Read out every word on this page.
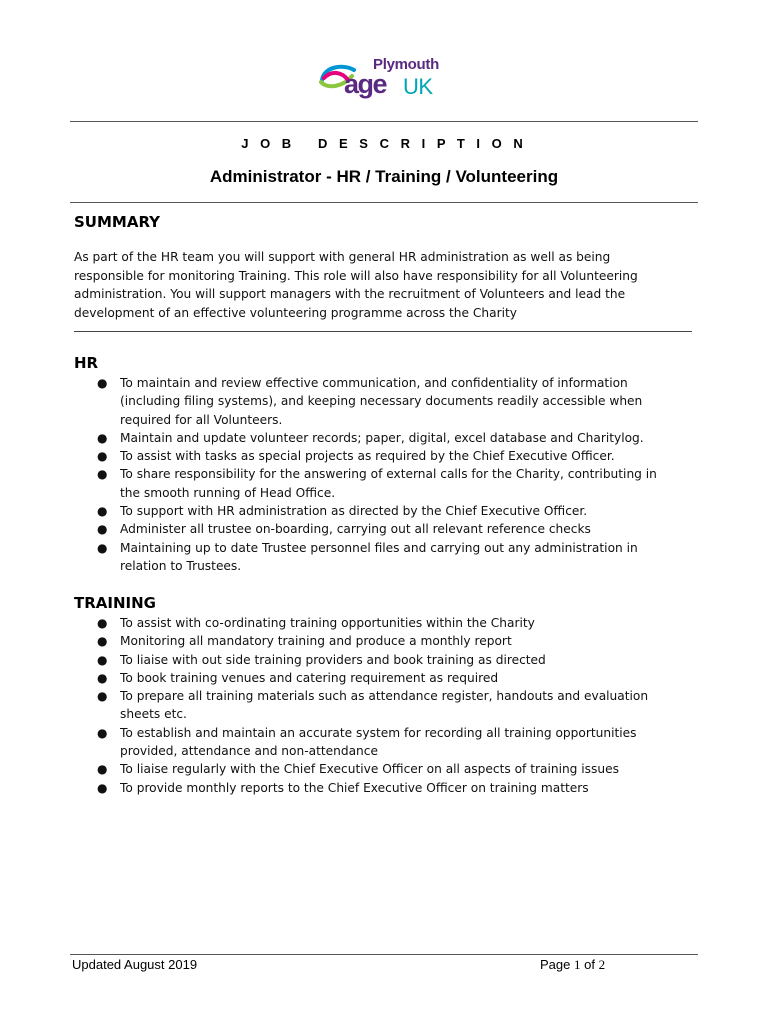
Plymouth
age UK
J O B   D E S C R I P T I O N
Administrator - HR / Training / Volunteering
SUMMARY
As part of the HR team you will support with general HR administration as well as being
responsible for monitoring Training. This role will also have responsibility for all Volunteering
administration. You will support managers with the recruitment of Volunteers and lead the
development of an effective volunteering programme across the Charity
HR
● To maintain and review effective communication, and confidentiality of information
(including filing systems), and keeping necessary documents readily accessible when
required for all Volunteers.
● Maintain and update volunteer records; paper, digital, excel database and Charitylog.
● To assist with tasks as special projects as required by the Chief Executive Officer.
● To share responsibility for the answering of external calls for the Charity, contributing in
the smooth running of Head Office.
● To support with HR administration as directed by the Chief Executive Officer.
● Administer all trustee on-boarding, carrying out all relevant reference checks
● Maintaining up to date Trustee personnel files and carrying out any administration in
relation to Trustees.
TRAINING
● To assist with co-ordinating training opportunities within the Charity
● Monitoring all mandatory training and produce a monthly report
● To liaise with out side training providers and book training as directed
● To book training venues and catering requirement as required
● To prepare all training materials such as attendance register, handouts and evaluation
sheets etc.
● To establish and maintain an accurate system for recording all training opportunities
provided, attendance and non-attendance
● To liaise regularly with the Chief Executive Officer on all aspects of training issues
● To provide monthly reports to the Chief Executive Officer on training matters
Updated August 2019	Page 1 of 2
